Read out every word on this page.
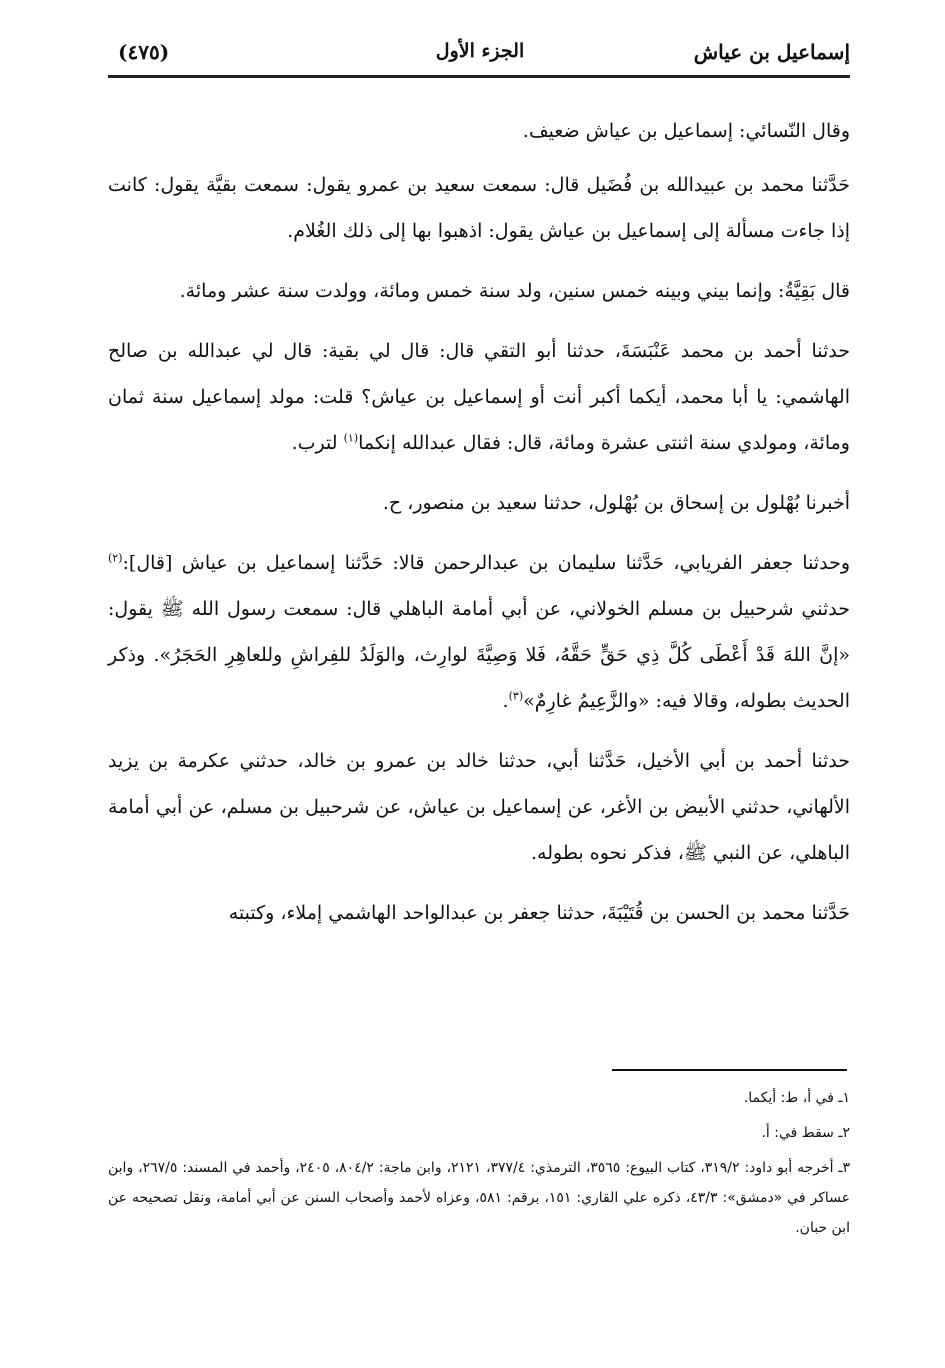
إسماعيل بن عياش
الجزء الأول
(٤٧٥)

وقال النّسائي: إسماعيل بن عياش ضعيف.

حَدَّثنا محمد بن عبيدالله بن فُضَيل قال: سمعت سعيد بن عمرو يقول: سمعت بقيَّة يقول: كانت إذا جاءت مسألة إلى إسماعيل بن عياش يقول: اذهبوا بها إلى ذلك الغُلام.

قال بَقِيَّةُ: وإنما بيني وبينه خمس سنين، ولد سنة خمس ومائة، وولدت سنة عشر ومائة.

حدثنا أحمد بن محمد عَنْبَسَةَ، حدثنا أبو التقي قال: قال لي بقية: قال لي عبدالله بن صالح الهاشمي: يا أبا محمد، أيكما أكبر أنت أو إسماعيل بن عياش؟ قلت: مولد إسماعيل سنة ثمان ومائة، ومولدي سنة اثنتى عشرة ومائة، قال: فقال عبدالله إنكما$^{(١)}$ لترب.

أخبرنا بُهْلول بن إسحاق بن بُهْلول، حدثنا سعيد بن منصور، ح.

وحدثنا جعفر الفريابي، حَدَّثنا سليمان بن عبدالرحمن قالا: حَدَّثنا إسماعيل بن عياش [قال]:$^{(٢)}$ حدثني شرحبيل بن مسلم الخولاني، عن أبي أمامة الباهلي قال: سمعت رسول الله ﷺ يقول: «إنَّ اللهَ قَدْ أَعْطَى كُلَّ ذِي حَقٍّ حَقَّهُ، فَلا وَصِيَّةَ لوارِث، والوَلَدُ للفِراشِ وللعاهِرِ الحَجَرُ». وذكر الحديث بطوله، وقالا فيه: «والزَّعِيمُ غارِمٌ»$^{(٣)}$.

حدثنا أحمد بن أبي الأخيل، حَدَّثنا أبي، حدثنا خالد بن عمرو بن خالد، حدثني عكرمة بن يزيد الألهاني، حدثني الأبيض بن الأغر، عن إسماعيل بن عياش، عن شرحبيل بن مسلم، عن أبي أمامة الباهلي، عن النبي ﷺ، فذكر نحوه بطوله.

حَدَّثنا محمد بن الحسن بن قُتَيْبَةَ، حدثنا جعفر بن عبدالواحد الهاشمي إملاء، وكتبته

١ـ في أ، ط: أيكما.
٢ـ سقط في: أ.
٣ـ أخرجه أبو داود: ٣١٩/٢، كتاب البيوع: ٣٥٦٥، الترمذي: ٣٧٧/٤، ٢١٢١، وابن ماجة: ٨٠٤/٢، ٢٤٠٥، وأحمد في المسند: ٢٦٧/٥، وابن عساكر في «دمشق»: ٤٣/٣، ذكره علي القاري: ١٥١، برقم: ٥٨١، وعزاه لأحمد وأصحاب السنن عن أبي أمامة، ونقل تصحيحه عن ابن حبان.
